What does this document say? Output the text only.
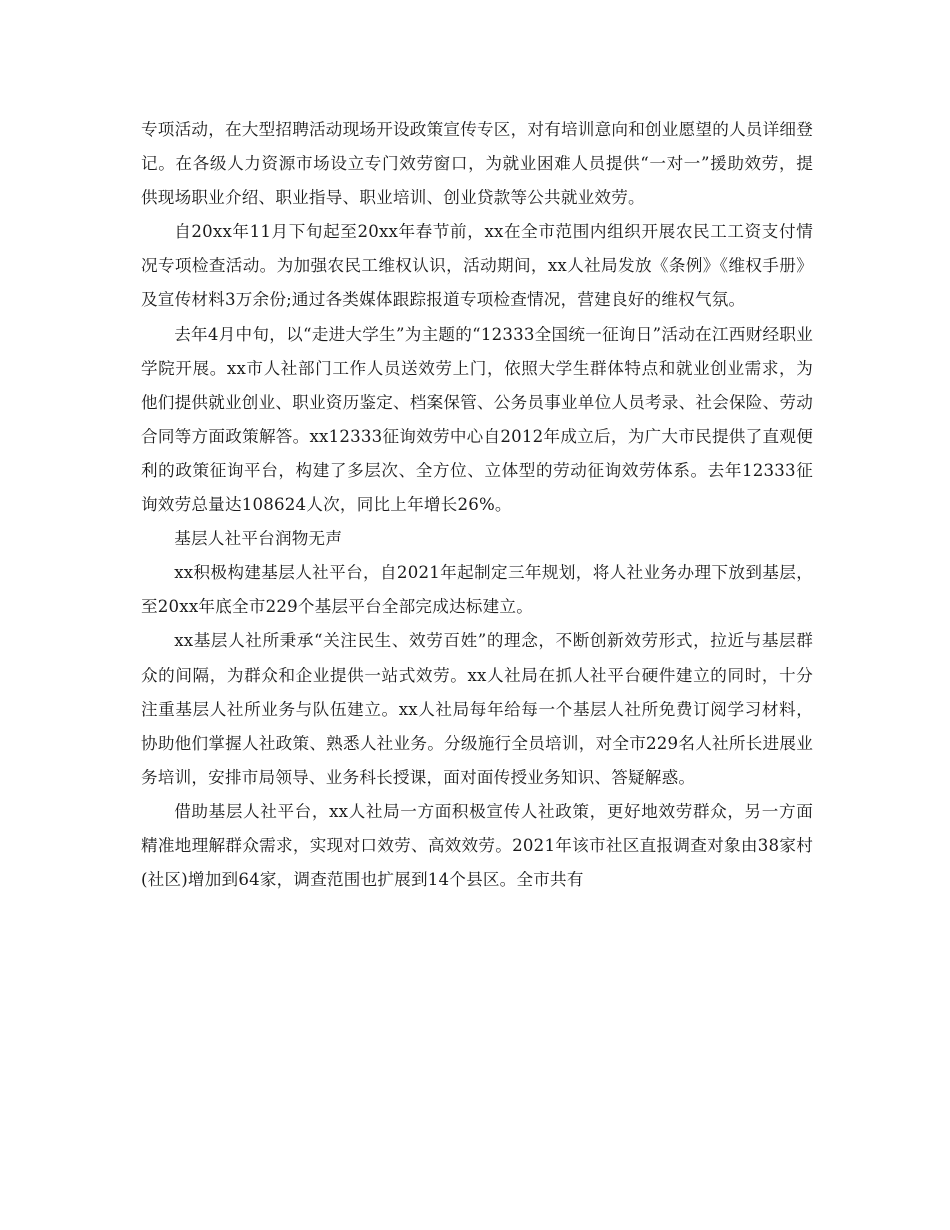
专项活动，在大型招聘活动现场开设政策宣传专区，对有培训意向和创业愿望的人员详细登记。在各级人力资源市场设立专门效劳窗口，为就业困难人员提供“一对一”援助效劳，提供现场职业介绍、职业指导、职业培训、创业贷款等公共就业效劳。

自20xx年11月下旬起至20xx年春节前，xx在全市范围内组织开展农民工工资支付情况专项检查活动。为加强农民工维权认识，活动期间，xx人社局发放《条例》《维权手册》及宣传材料3万余份;通过各类媒体跟踪报道专项检查情况，营建良好的维权气氛。

去年4月中旬，以“走进大学生”为主题的“12333全国统一征询日”活动在江西财经职业学院开展。xx市人社部门工作人员送效劳上门，依照大学生群体特点和就业创业需求，为他们提供就业创业、职业资历鉴定、档案保管、公务员事业单位人员考录、社会保险、劳动合同等方面政策解答。xx12333征询效劳中心自2012年成立后，为广大市民提供了直观便利的政策征询平台，构建了多层次、全方位、立体型的劳动征询效劳体系。去年12333征询效劳总量达108624人次，同比上年增长26%。

基层人社平台润物无声

xx积极构建基层人社平台，自2021年起制定三年规划，将人社业务办理下放到基层，至20xx年底全市229个基层平台全部完成达标建立。

xx基层人社所秉承“关注民生、效劳百姓”的理念，不断创新效劳形式，拉近与基层群众的间隔，为群众和企业提供一站式效劳。xx人社局在抓人社平台硬件建立的同时，十分注重基层人社所业务与队伍建立。xx人社局每年给每一个基层人社所免费订阅学习材料，协助他们掌握人社政策、熟悉人社业务。分级施行全员培训，对全市229名人社所长进展业务培训，安排市局领导、业务科长授课，面对面传授业务知识、答疑解惑。

借助基层人社平台，xx人社局一方面积极宣传人社政策，更好地效劳群众，另一方面精准地理解群众需求，实现对口效劳、高效效劳。2021年该市社区直报调查对象由38家村(社区)增加到64家，调查范围也扩展到14个县区。全市共有
